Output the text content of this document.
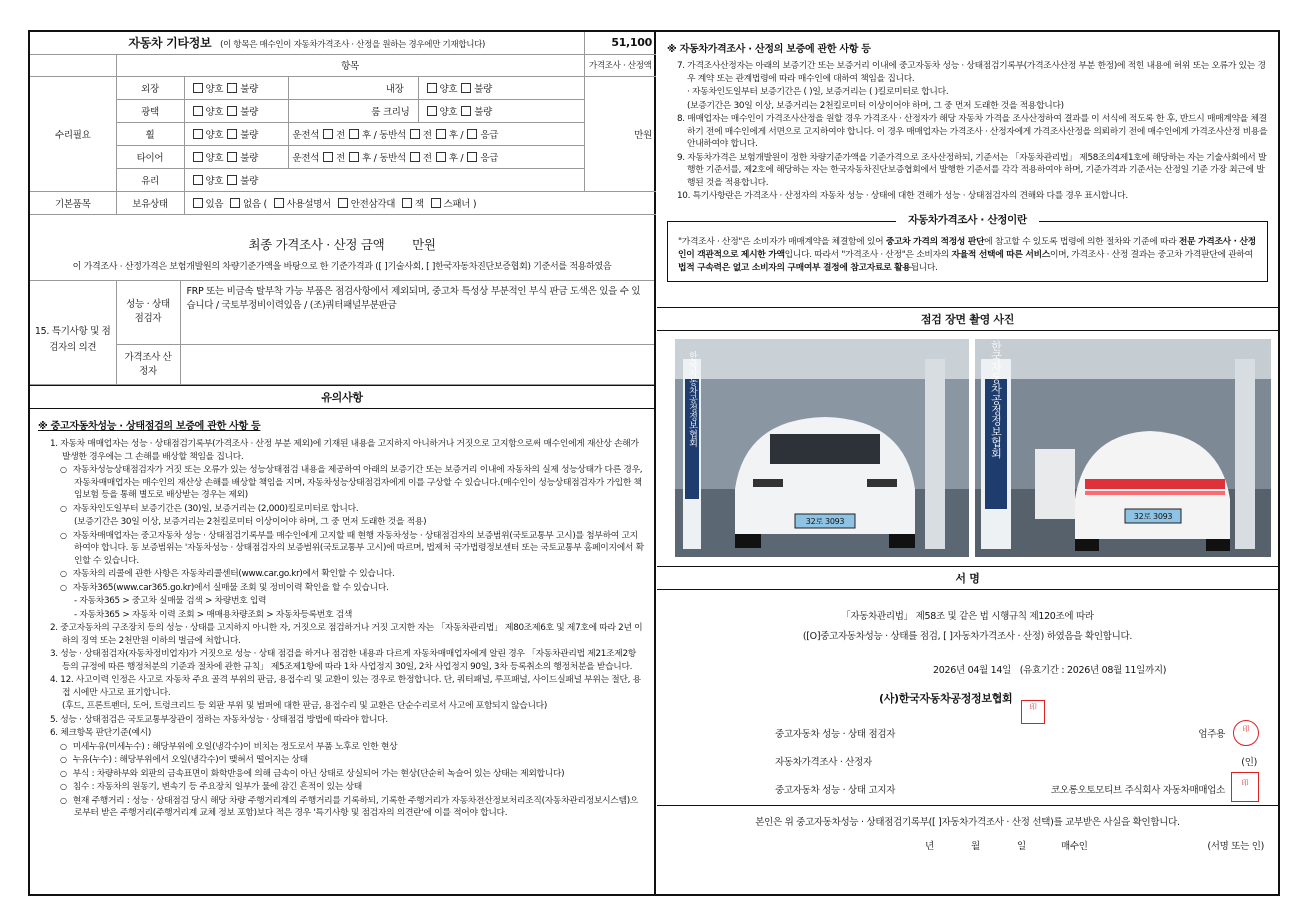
자동차 기타정보 (이 항목은 매수인이 자동차가격조사 · 산정을 원하는 경우에만 기재합니다)					51,100
	항목				가격조사 · 산정액
수리필요	외장	양호 불량	내장	양호 불량	만원
	광택	양호 불량	룸 크리닝	양호 불량	
	휠	양호 불량	운전석 전 후 / 동반석 전 후 / 응급		
	타이어	양호 불량	운전석 전 후 / 동반석 전 후 / 응급		
	유리	양호 불량			
기본품목	보유상태	있음 없음 ( 사용설명서 안전삼각대 잭 스패너 )			
최종 가격조사 · 산정 금액 만원
이 가격조사 · 산정가격은 보험개발원의 차량기준가액을 바탕으로 한 기준가격과 ([ ]기술사회, [ ]한국자동차진단보증협회) 기준서를 적용하였음
15. 특기사항 및 점검자의 의견	성능 · 상태 점검자	FRP 또는 비금속 탈부착 가능 부품은 점검사항에서 제외되며, 중고차 특성상 부분적인 부식 판금 도색은 있을 수 있습니다 / 국토부정비이력있음 / (조)쿼터패널부분판금
	가격조사 산정자	
유의사항
※ 중고자동차성능 · 상태점검의 보증에 관한 사항 등
1. 자동차 매매업자는 성능 · 상태점검기록부(가격조사 · 산정 부분 제외)에 기재된 내용을 고지하지 아니하거나 거짓으로 고지함으로써 매수인에게 재산상 손해가 발생한 경우에는 그 손해를 배상할 책임을 집니다.
○ 자동차성능상태점검자가 거짓 또는 오류가 있는 성능상태점검 내용을 제공하여 아래의 보증기간 또는 보증거리 이내에 자동차의 실제 성능상태가 다른 경우, 자동차매매업자는 매수인의 재산상 손해를 배상할 책임을 지며, 자동차성능상태점검자에게 이를 구상할 수 있습니다.(매수인이 성능상태점검자가 가입한 책임보험 등을 통해 별도로 배상받는 경우는 제외)
○ 자동차인도일부터 보증기간은 (30)일, 보증거리는 (2,000)킬로미터로 합니다.
(보증기간은 30일 이상, 보증거리는 2천킬로미터 이상이어야 하며, 그 중 먼저 도래한 것을 적용)
○ 자동차매매업자는 중고자동차 성능 · 상태점검기록부를 매수인에게 고지할 때 현행 자동차성능 · 상태점검자의 보증범위(국토교통부 고시)를 첨부하여 고지하여야 합니다. 동 보증범위는 '자동차성능 · 상태점검자의 보증범위(국토교통부 고시)에 따르며, 법제처 국가법령정보센터 또는 국토교통부 홈페이지에서 확인할 수 있습니다.
○ 자동차의 리콜에 관한 사항은 자동차리콜센터(www.car.go.kr)에서 확인할 수 있습니다.
○ 자동차365(www.car365.go.kr)에서 실매물 조회 및 정비이력 확인을 할 수 있습니다.
- 자동차365 > 중고차 실매물 검색 > 차량번호 입력
- 자동차365 > 자동차 이력 조회 > 매매용차량조회 > 자동차등록번호 검색
2. 중고자동차의 구조장치 등의 성능 · 상태를 고지하지 아니한 자, 거짓으로 점검하거나 거짓 고지한 자는 「자동차관리법」 제80조제6호 및 제7호에 따라 2년 이하의 징역 또는 2천만원 이하의 벌금에 처합니다.
3. 성능 · 상태점검자(자동차정비업자)가 거짓으로 성능 · 상태 점검을 하거나 점검한 내용과 다르게 자동차매매업자에게 알린 경우 「자동차관리법 제21조제2항 등의 규정에 따른 행정처분의 기준과 절차에 관한 규칙」 제5조제1항에 따라 1차 사업정지 30일, 2차 사업정지 90일, 3차 등록취소의 행정처분을 받습니다.
4. 12. 사고이력 인정은 사고로 자동차 주요 골격 부위의 판금, 용접수리 및 교환이 있는 경우로 한정합니다. 단, 쿼터패널, 루프패널, 사이드실패널 부위는 절단, 용접 시에만 사고로 표기합니다.
(후드, 프론트펜더, 도어, 트렁크리드 등 외판 부위 및 범퍼에 대한 판금, 용접수리 및 교환은 단순수리로서 사고에 포함되지 않습니다)
5. 성능 · 상태점검은 국토교통부장관이 정하는 자동차성능 · 상태점검 방법에 따라야 합니다.
6. 체크항목 판단기준(예시)
○ 미세누유(미세누수) : 해당부위에 오일(냉각수)이 비치는 정도로서 부품 노후로 인한 현상
○ 누유(누수) : 해당부위에서 오일(냉각수)이 맺혀서 떨어지는 상태
○ 부식 : 차량하부와 외판의 금속표면이 화학반응에 의해 금속이 아닌 상태로 상실되어 가는 현상(단순히 녹슬어 있는 상태는 제외합니다)
○ 침수 : 자동차의 원동기, 변속기 등 주요장치 일부가 물에 잠긴 흔적이 있는 상태
○ 현재 주행거리 : 성능 · 상태점검 당시 해당 차량 주행거리계의 주행거리를 기록하되, 기록한 주행거리가 자동차전산정보처리조직(자동차관리정보시스템)으로부터 받은 주행거리(주행거리계 교체 정보 포함)보다 적은 경우 '특기사항 및 점검자의 의견란'에 이를 적어야 합니다.
※ 자동차가격조사 · 산정의 보증에 관한 사항 등
7. 가격조사산정자는 아래의 보증기간 또는 보증거리 이내에 중고자동차 성능 · 상태점검기록부(가격조사산정 부분 한정)에 적힌 내용에 허위 또는 오류가 있는 경우 계약 또는 관계법령에 따라 매수인에 대하여 책임을 집니다.
· 자동차인도일부터 보증기간은 ( )일, 보증거리는 ( )킬로미터로 합니다.
(보증기간은 30일 이상, 보증거리는 2천킬로미터 이상이어야 하며, 그 중 먼저 도래한 것을 적용합니다)
8. 매매업자는 매수인이 가격조사산정을 원할 경우 가격조사 · 산정자가 해당 자동차 가격을 조사산정하여 결과를 이 서식에 적도록 한 후, 반드시 매매계약을 체결하기 전에 매수인에게 서면으로 고지하여야 합니다. 이 경우 매매업자는 가격조사 · 산정자에게 가격조사산정을 의뢰하기 전에 매수인에게 가격조사산정 비용을 안내하여야 합니다.
9. 자동차가격은 보험개발원이 정한 차량기준가액을 기준가격으로 조사산정하되, 기준서는 「자동차관리법」 제58조의4제1호에 해당하는 자는 기술사회에서 발행한 기준서를, 제2호에 해당하는 자는 한국자동차진단보증협회에서 발행한 기준서를 각각 적용하여야 하며, 기준가격과 기준서는 산정일 기준 가장 최근에 발행된 것을 적용합니다.
10. 특기사항란은 가격조사 · 산정자의 자동차 성능 · 상태에 대한 견해가 성능 · 상태점검자의 견해와 다를 경우 표시합니다.
자동차가격조사 · 산정이란
"가격조사 · 산정"은 소비자가 매매계약을 체결함에 있어 중고차 가격의 적정성 판단에 참고할 수 있도록 법령에 의한 절차와 기준에 따라 전문 가격조사 · 산정인이 객관적으로 제시한 가액입니다. 따라서 "가격조사 · 산정"은 소비자의 자율적 선택에 따른 서비스이며, 가격조사 · 산정 결과는 중고차 가격판단에 관하여 법적 구속력은 없고 소비자의 구매여부 결정에 참고자료로 활용됩니다.
점검 장면 촬영 사진
한국자동차공정정보협회
32로 3093
한국자동차공정정보협회
32로 3093
서 명
「자동차관리법」 제58조 및 같은 법 시행규칙 제120조에 따라
([O]중고자동차성능 · 상태를 점검, [ ]자동차가격조사 · 산정) 하였음을 확인합니다.
2026년 04월 14일 (유효기간 : 2026년 08월 11일까지)
(사)한국자동차공정정보협회 印
중고자동차 성능 · 상태 점검자	엄주용	印
자동차가격조사 · 산정자	(인)
중고자동차 성능 · 상태 고지자	코오롱오토모티브 주식회사 자동차매매업소
印
본인은 위 중고자동차성능 · 상태점검기록부([ ]자동차가격조사 · 산정 선택)를 교부받은 사실을 확인합니다.
년	월	일	매수인	(서명 또는 인)
